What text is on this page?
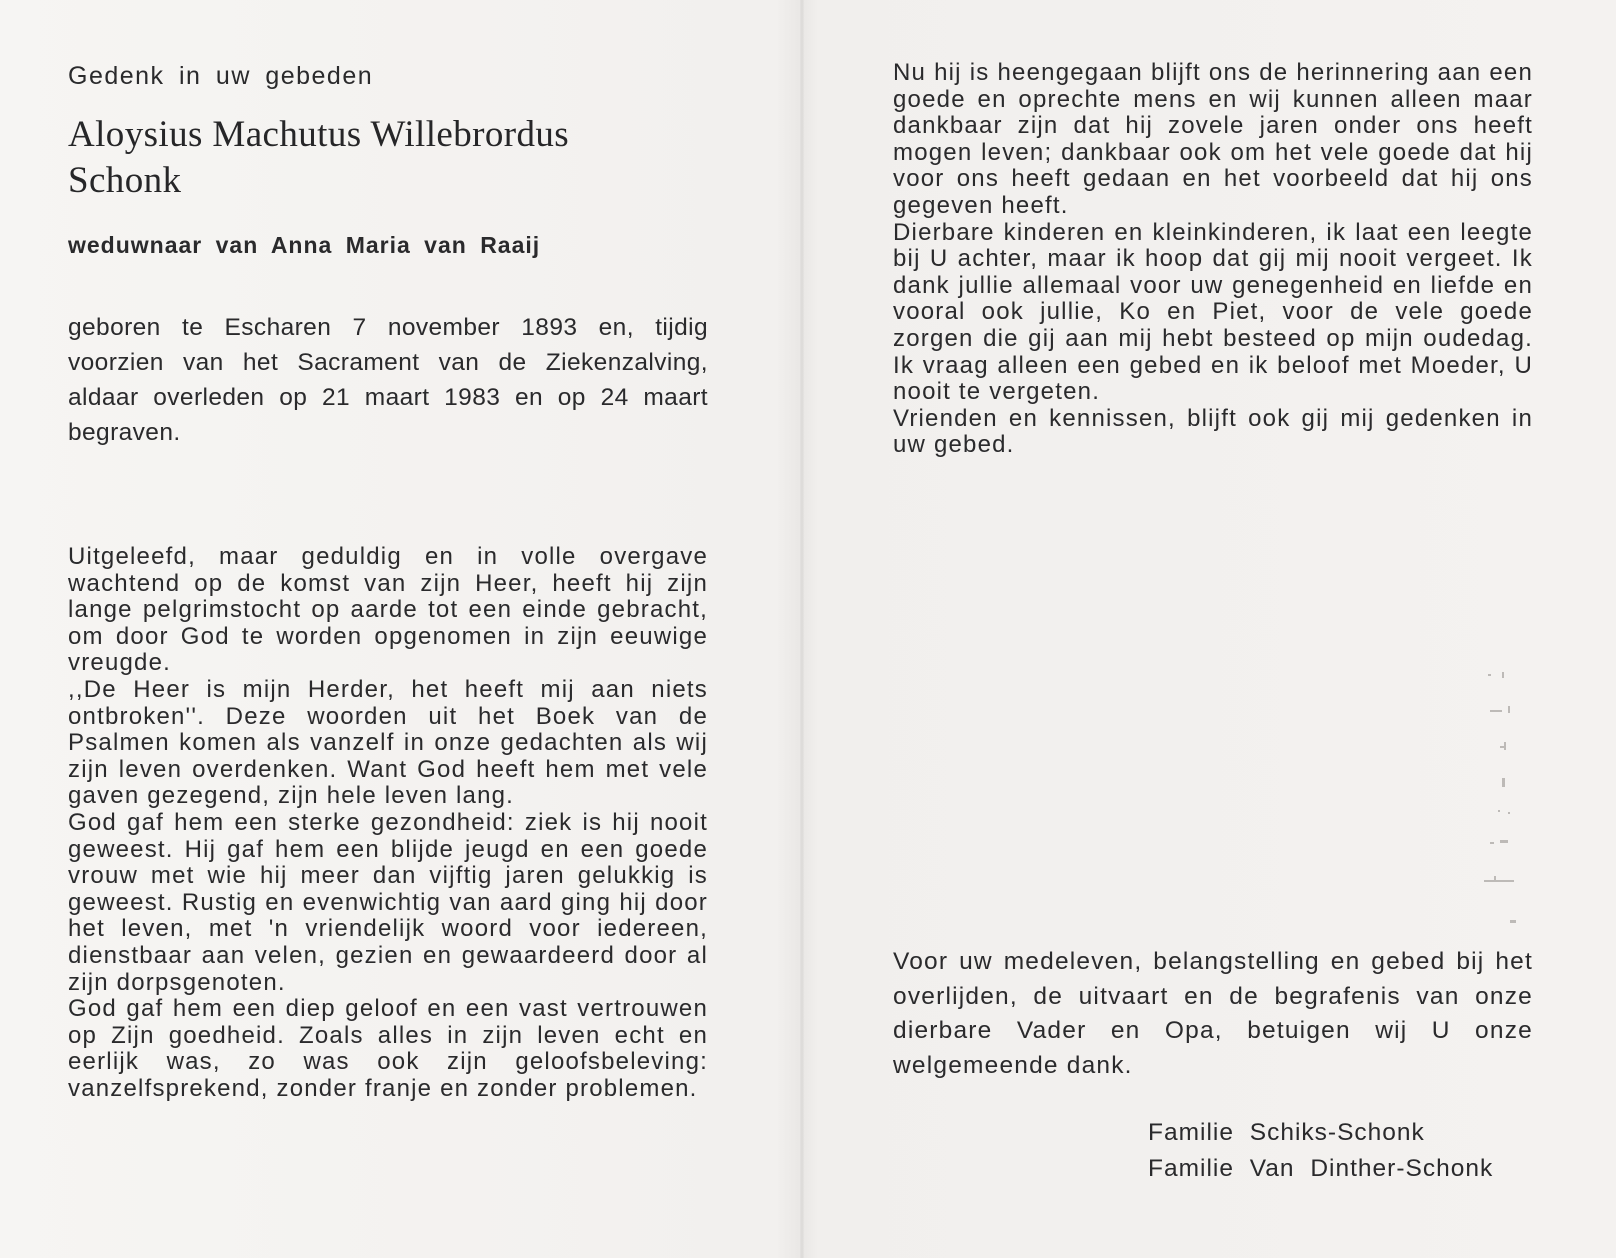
Gedenk in uw gebeden
Aloysius Machutus Willebrordus
Schonk
weduwnaar van Anna Maria van Raaij
geboren te Escharen 7 november 1893 en, tijdig voorzien van het Sacrament van de Ziekenzalving, aldaar overleden op 21 maart 1983 en op 24 maart begraven.

Uitgeleefd, maar geduldig en in volle overgave wachtend op de komst van zijn Heer, heeft hij zijn lange pelgrimstocht op aarde tot een einde gebracht, om door God te worden opgenomen in zijn eeuwige vreugde.

,,De Heer is mijn Herder, het heeft mij aan niets ontbroken''. Deze woorden uit het Boek van de Psalmen komen als vanzelf in onze gedachten als wij zijn leven overdenken. Want God heeft hem met vele gaven gezegend, zijn hele leven lang.

God gaf hem een sterke gezondheid: ziek is hij nooit geweest. Hij gaf hem een blijde jeugd en een goede vrouw met wie hij meer dan vijftig jaren gelukkig is geweest. Rustig en evenwichtig van aard ging hij door het leven, met 'n vriendelijk woord voor iedereen, dienstbaar aan velen, gezien en gewaardeerd door al zijn dorpsgenoten.

God gaf hem een diep geloof en een vast vertrouwen op Zijn goedheid. Zoals alles in zijn leven echt en eerlijk was, zo was ook zijn geloofsbeleving: vanzelfsprekend, zonder franje en zonder problemen.

Nu hij is heengegaan blijft ons de herinnering aan een goede en oprechte mens en wij kunnen alleen maar dankbaar zijn dat hij zovele jaren onder ons heeft mogen leven; dankbaar ook om het vele goede dat hij voor ons heeft gedaan en het voorbeeld dat hij ons gegeven heeft.

Dierbare kinderen en kleinkinderen, ik laat een leegte bij U achter, maar ik hoop dat gij mij nooit vergeet. Ik dank jullie allemaal voor uw genegenheid en liefde en vooral ook jullie, Ko en Piet, voor de vele goede zorgen die gij aan mij hebt besteed op mijn oudedag. Ik vraag alleen een gebed en ik beloof met Moeder, U nooit te vergeten.

Vrienden en kennissen, blijft ook gij mij gedenken in uw gebed.

Voor uw medeleven, belangstelling en gebed bij het overlijden, de uitvaart en de begrafenis van onze dierbare Vader en Opa, betuigen wij U onze welgemeende dank.
Familie Schiks-Schonk
Familie Van Dinther-Schonk
